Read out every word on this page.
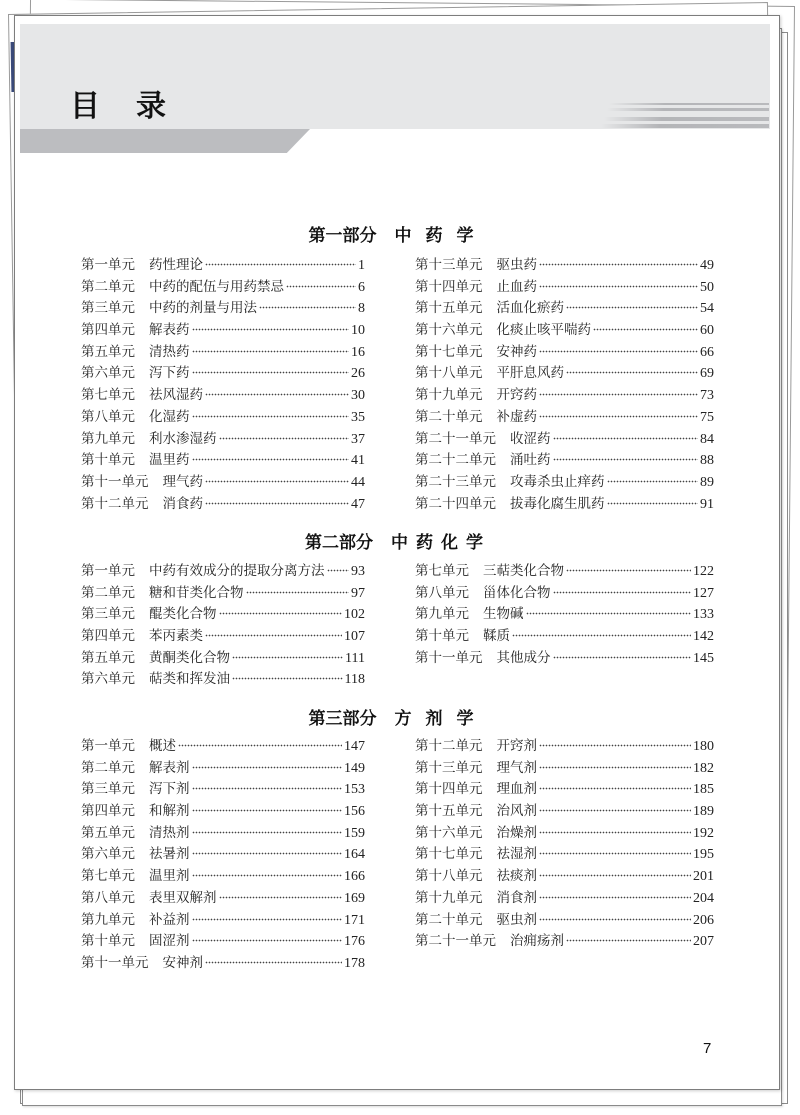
目录
第一部分 中药学
第一单元 药性理论	1
第二单元 中药的配伍与用药禁忌	6
第三单元 中药的剂量与用法	8
第四单元 解表药	10
第五单元 清热药	16
第六单元 泻下药	26
第七单元 祛风湿药	30
第八单元 化湿药	35
第九单元 利水渗湿药	37
第十单元 温里药	41
第十一单元 理气药	44
第十二单元 消食药	47
第十三单元 驱虫药	49
第十四单元 止血药	50
第十五单元 活血化瘀药	54
第十六单元 化痰止咳平喘药	60
第十七单元 安神药	66
第十八单元 平肝息风药	69
第十九单元 开窍药	73
第二十单元 补虚药	75
第二十一单元 收涩药	84
第二十二单元 涌吐药	88
第二十三单元 攻毒杀虫止痒药	89
第二十四单元 拔毒化腐生肌药	91
第二部分 中药化学
第一单元 中药有效成分的提取分离方法 93
第二单元 糖和苷类化合物	97
第三单元 醌类化合物	102
第四单元 苯丙素类	107
第五单元 黄酮类化合物	111
第六单元 萜类和挥发油	118
第七单元 三萜类化合物	122
第八单元 甾体化合物	127
第九单元 生物碱	133
第十单元 鞣质	142
第十一单元 其他成分	145
第三部分 方剂学
第一单元 概述	147
第二单元 解表剂	149
第三单元 泻下剂	153
第四单元 和解剂	156
第五单元 清热剂	159
第六单元 祛暑剂	164
第七单元 温里剂	166
第八单元 表里双解剂	169
第九单元 补益剂	171
第十单元 固涩剂	176
第十一单元 安神剂	178
第十二单元 开窍剂	180
第十三单元 理气剂	182
第十四单元 理血剂	185
第十五单元 治风剂	189
第十六单元 治燥剂	192
第十七单元 祛湿剂	195
第十八单元 祛痰剂	201
第十九单元 消食剂	204
第二十单元 驱虫剂	206
第二十一单元 治痈疡剂	207
7
